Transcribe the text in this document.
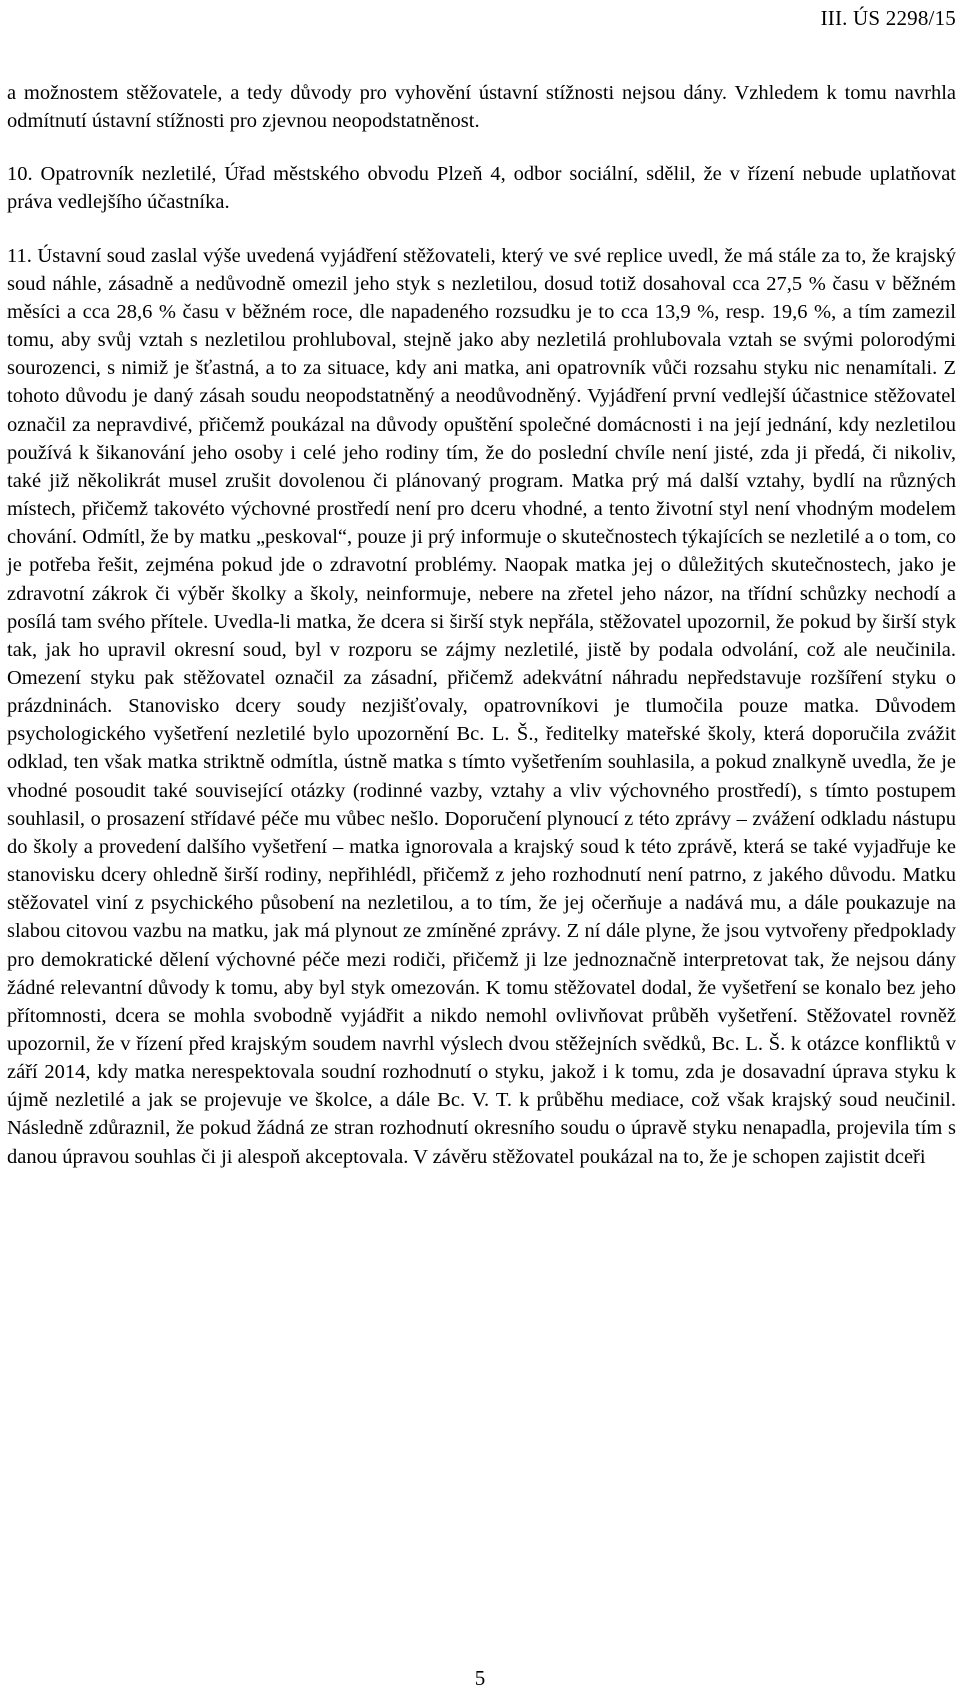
III. ÚS 2298/15

a možnostem stěžovatele, a tedy důvody pro vyhovění ústavní stížnosti nejsou dány. Vzhledem k tomu navrhla odmítnutí ústavní stížnosti pro zjevnou neopodstatněnost.

10. Opatrovník nezletilé, Úřad městského obvodu Plzeň 4, odbor sociální, sdělil, že v řízení nebude uplatňovat práva vedlejšího účastníka.

11. Ústavní soud zaslal výše uvedená vyjádření stěžovateli, který ve své replice uvedl, že má stále za to, že krajský soud náhle, zásadně a nedůvodně omezil jeho styk s nezletilou, dosud totiž dosahoval cca 27,5 % času v běžném měsíci a cca 28,6 % času v běžném roce, dle napadeného rozsudku je to cca 13,9 %, resp. 19,6 %, a tím zamezil tomu, aby svůj vztah s nezletilou prohluboval, stejně jako aby nezletilá prohlubovala vztah se svými polorodými sourozenci, s nimiž je šťastná, a to za situace, kdy ani matka, ani opatrovník vůči rozsahu styku nic nenamítali. Z tohoto důvodu je daný zásah soudu neopodstatněný a neodůvodněný. Vyjádření první vedlejší účastnice stěžovatel označil za nepravdivé, přičemž poukázal na důvody opuštění společné domácnosti i na její jednání, kdy nezletilou používá k šikanování jeho osoby i celé jeho rodiny tím, že do poslední chvíle není jisté, zda ji předá, či nikoliv, také již několikrát musel zrušit dovolenou či plánovaný program. Matka prý má další vztahy, bydlí na různých místech, přičemž takovéto výchovné prostředí není pro dceru vhodné, a tento životní styl není vhodným modelem chování. Odmítl, že by matku „peskoval“, pouze ji prý informuje o skutečnostech týkajících se nezletilé a o tom, co je potřeba řešit, zejména pokud jde o zdravotní problémy. Naopak matka jej o důležitých skutečnostech, jako je zdravotní zákrok či výběr školky a školy, neinformuje, nebere na zřetel jeho názor, na třídní schůzky nechodí a posílá tam svého přítele. Uvedla-li matka, že dcera si širší styk nepřála, stěžovatel upozornil, že pokud by širší styk tak, jak ho upravil okresní soud, byl v rozporu se zájmy nezletilé, jistě by podala odvolání, což ale neučinila. Omezení styku pak stěžovatel označil za zásadní, přičemž adekvátní náhradu nepředstavuje rozšíření styku o prázdninách. Stanovisko dcery soudy nezjišťovaly, opatrovníkovi je tlumočila pouze matka. Důvodem psychologického vyšetření nezletilé bylo upozornění Bc. L. Š., ředitelky mateřské školy, která doporučila zvážit odklad, ten však matka striktně odmítla, ústně matka s tímto vyšetřením souhlasila, a pokud znalkyně uvedla, že je vhodné posoudit také související otázky (rodinné vazby, vztahy a vliv výchovného prostředí), s tímto postupem souhlasil, o prosazení střídavé péče mu vůbec nešlo. Doporučení plynoucí z této zprávy – zvážení odkladu nástupu do školy a provedení dalšího vyšetření – matka ignorovala a krajský soud k této zprávě, která se také vyjadřuje ke stanovisku dcery ohledně širší rodiny, nepřihlédl, přičemž z jeho rozhodnutí není patrno, z jakého důvodu. Matku stěžovatel viní z psychického působení na nezletilou, a to tím, že jej očerňuje a nadává mu, a dále poukazuje na slabou citovou vazbu na matku, jak má plynout ze zmíněné zprávy. Z ní dále plyne, že jsou vytvořeny předpoklady pro demokratické dělení výchovné péče mezi rodiči, přičemž ji lze jednoznačně interpretovat tak, že nejsou dány žádné relevantní důvody k tomu, aby byl styk omezován. K tomu stěžovatel dodal, že vyšetření se konalo bez jeho přítomnosti, dcera se mohla svobodně vyjádřit a nikdo nemohl ovlivňovat průběh vyšetření. Stěžovatel rovněž upozornil, že v řízení před krajským soudem navrhl výslech dvou stěžejních svědků, Bc. L. Š. k otázce konfliktů v září 2014, kdy matka nerespektovala soudní rozhodnutí o styku, jakož i k tomu, zda je dosavadní úprava styku k újmě nezletilé a jak se projevuje ve školce, a dále Bc. V. T. k průběhu mediace, což však krajský soud neučinil. Následně zdůraznil, že pokud žádná ze stran rozhodnutí okresního soudu o úpravě styku nenapadla, projevila tím s danou úpravou souhlas či ji alespoň akceptovala. V závěru stěžovatel poukázal na to, že je schopen zajistit dceři

5
